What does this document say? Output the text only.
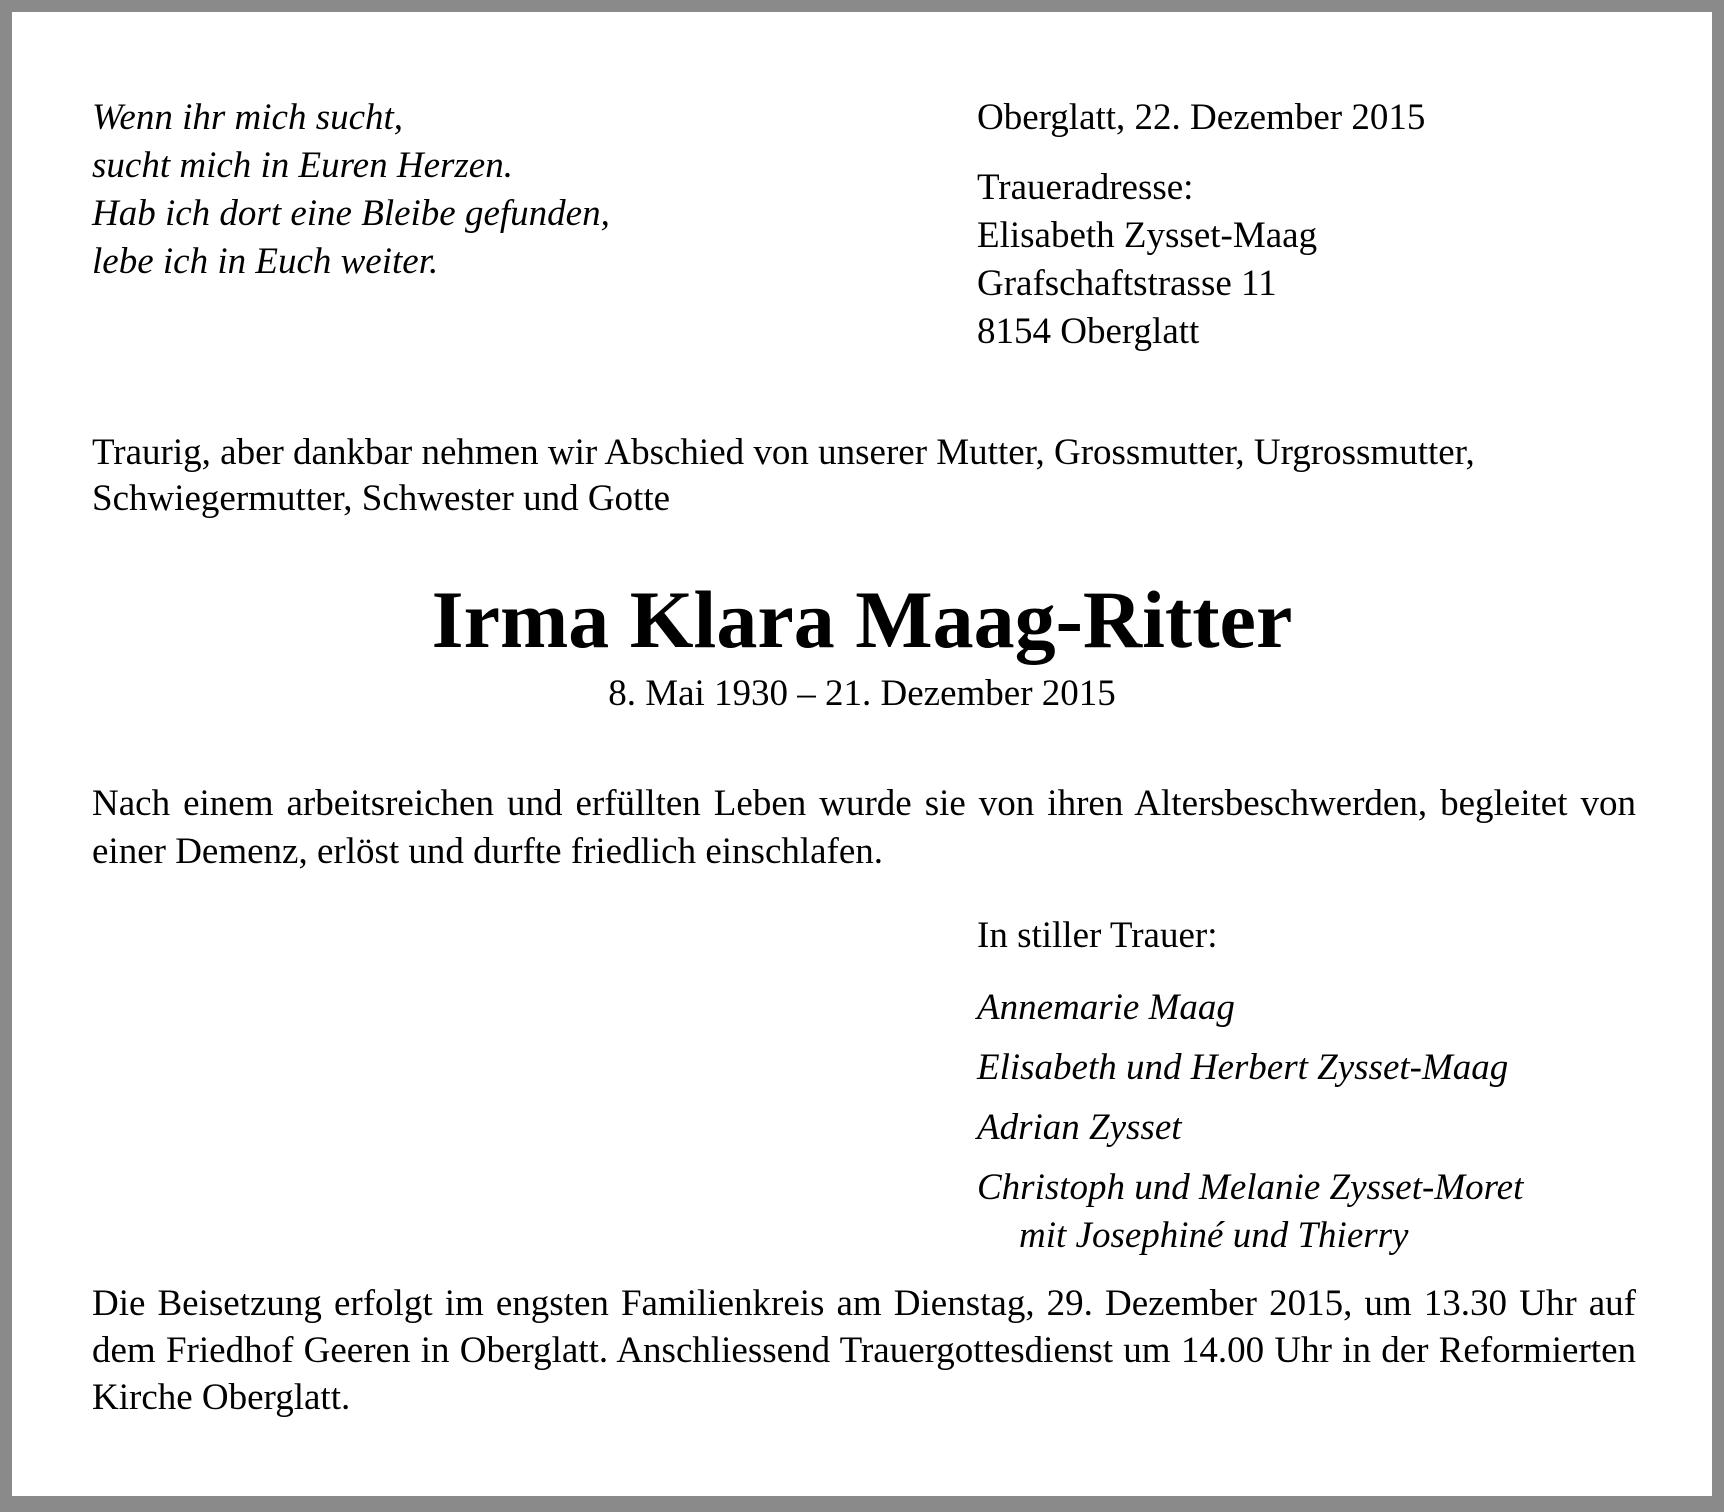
Wenn ihr mich sucht,
sucht mich in Euren Herzen.
Hab ich dort eine Bleibe gefunden,
lebe ich in Euch weiter.
Oberglatt, 22. Dezember 2015
Traueradresse:
Elisabeth Zysset-Maag
Grafschaftstrasse 11
8154 Oberglatt
Traurig, aber dankbar nehmen wir Abschied von unserer Mutter, Grossmutter, Urgrossmutter, Schwiegermutter, Schwester und Gotte
Irma Klara Maag-Ritter
8. Mai 1930 – 21. Dezember 2015
Nach einem arbeitsreichen und erfüllten Leben wurde sie von ihren Altersbeschwerden, begleitet von einer Demenz, erlöst und durfte friedlich einschlafen.
In stiller Trauer:
Annemarie Maag
Elisabeth und Herbert Zysset-Maag
Adrian Zysset
Christoph und Melanie Zysset-Moret
mit Josephiné und Thierry
Die Beisetzung erfolgt im engsten Familienkreis am Dienstag, 29. Dezember 2015, um 13.30 Uhr auf dem Friedhof Geeren in Oberglatt. Anschliessend Trauergottesdienst um 14.00 Uhr in der Reformierten Kirche Oberglatt.
